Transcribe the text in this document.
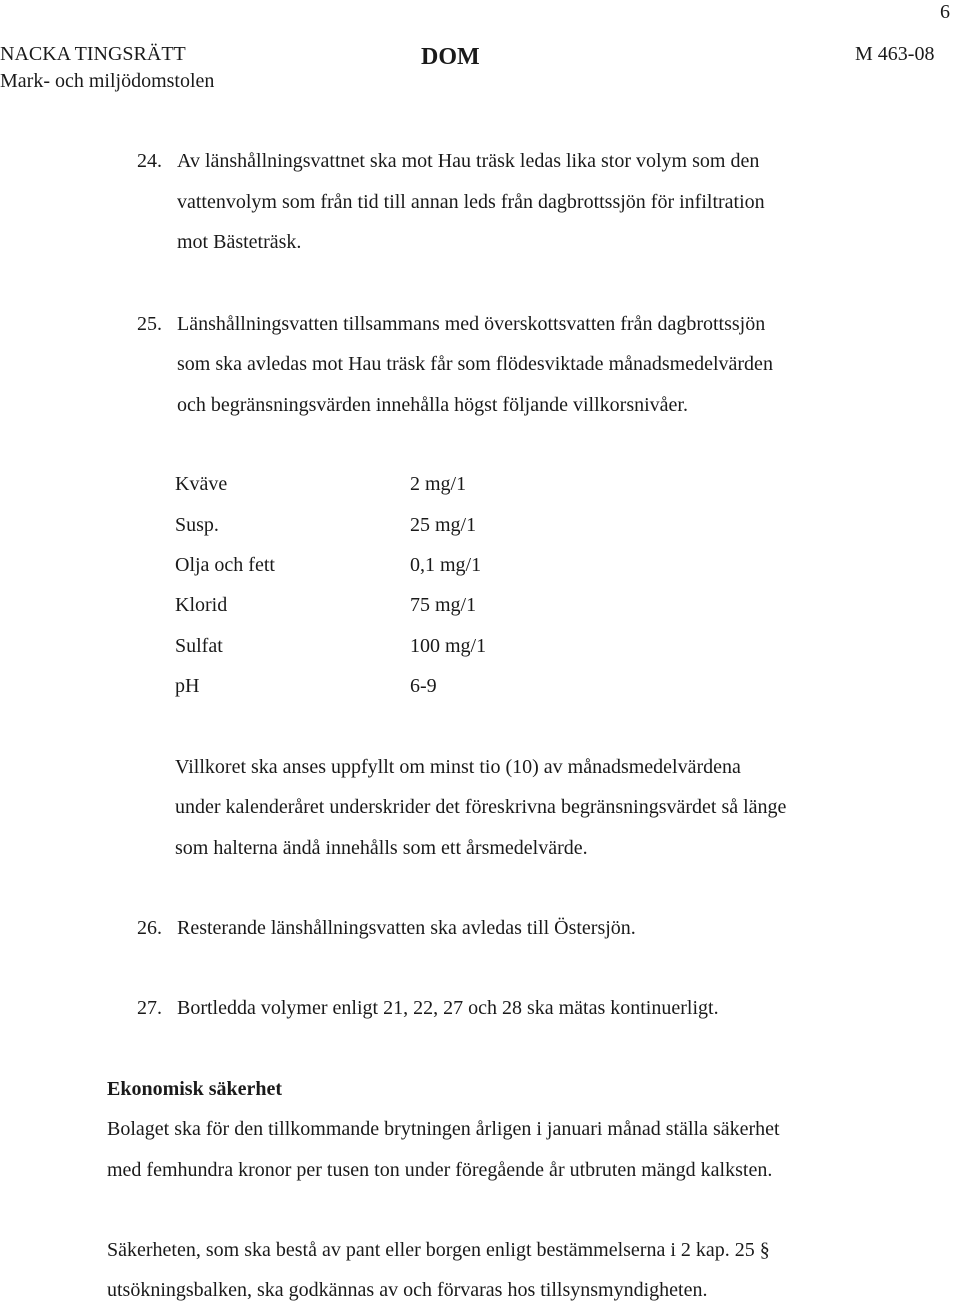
6
NACKA TINGSRÄTT
Mark- och miljödomstolen
DOM	M 463-08
24. Av länshållningsvattnet ska mot Hau träsk ledas lika stor volym som den
vattenvolym som från tid till annan leds från dagbrottssjön för infiltration
mot Bästeträsk.
25. Länshållningsvatten tillsammans med överskottsvatten från dagbrottssjön
som ska avledas mot Hau träsk får som flödesviktade månadsmedelvärden
och begränsningsvärden innehålla högst följande villkorsnivåer.
Kväve	2 mg/1
Susp.	25 mg/1
Olja och fett	0,1 mg/1
Klorid	75 mg/1
Sulfat	100 mg/1
pH	6-9
Villkoret ska anses uppfyllt om minst tio (10) av månadsmedelvärdena
under kalenderåret underskrider det föreskrivna begränsningsvärdet så länge
som halterna ändå innehålls som ett årsmedelvärde.
26. Resterande länshållningsvatten ska avledas till Östersjön.
27. Bortledda volymer enligt 21, 22, 27 och 28 ska mätas kontinuerligt.
Ekonomisk säkerhet
Bolaget ska för den tillkommande brytningen årligen i januari månad ställa säkerhet
med femhundra kronor per tusen ton under föregående år utbruten mängd kalksten.
Säkerheten, som ska bestå av pant eller borgen enligt bestämmelserna i 2 kap. 25 §
utsökningsbalken, ska godkännas av och förvaras hos tillsynsmyndigheten.
